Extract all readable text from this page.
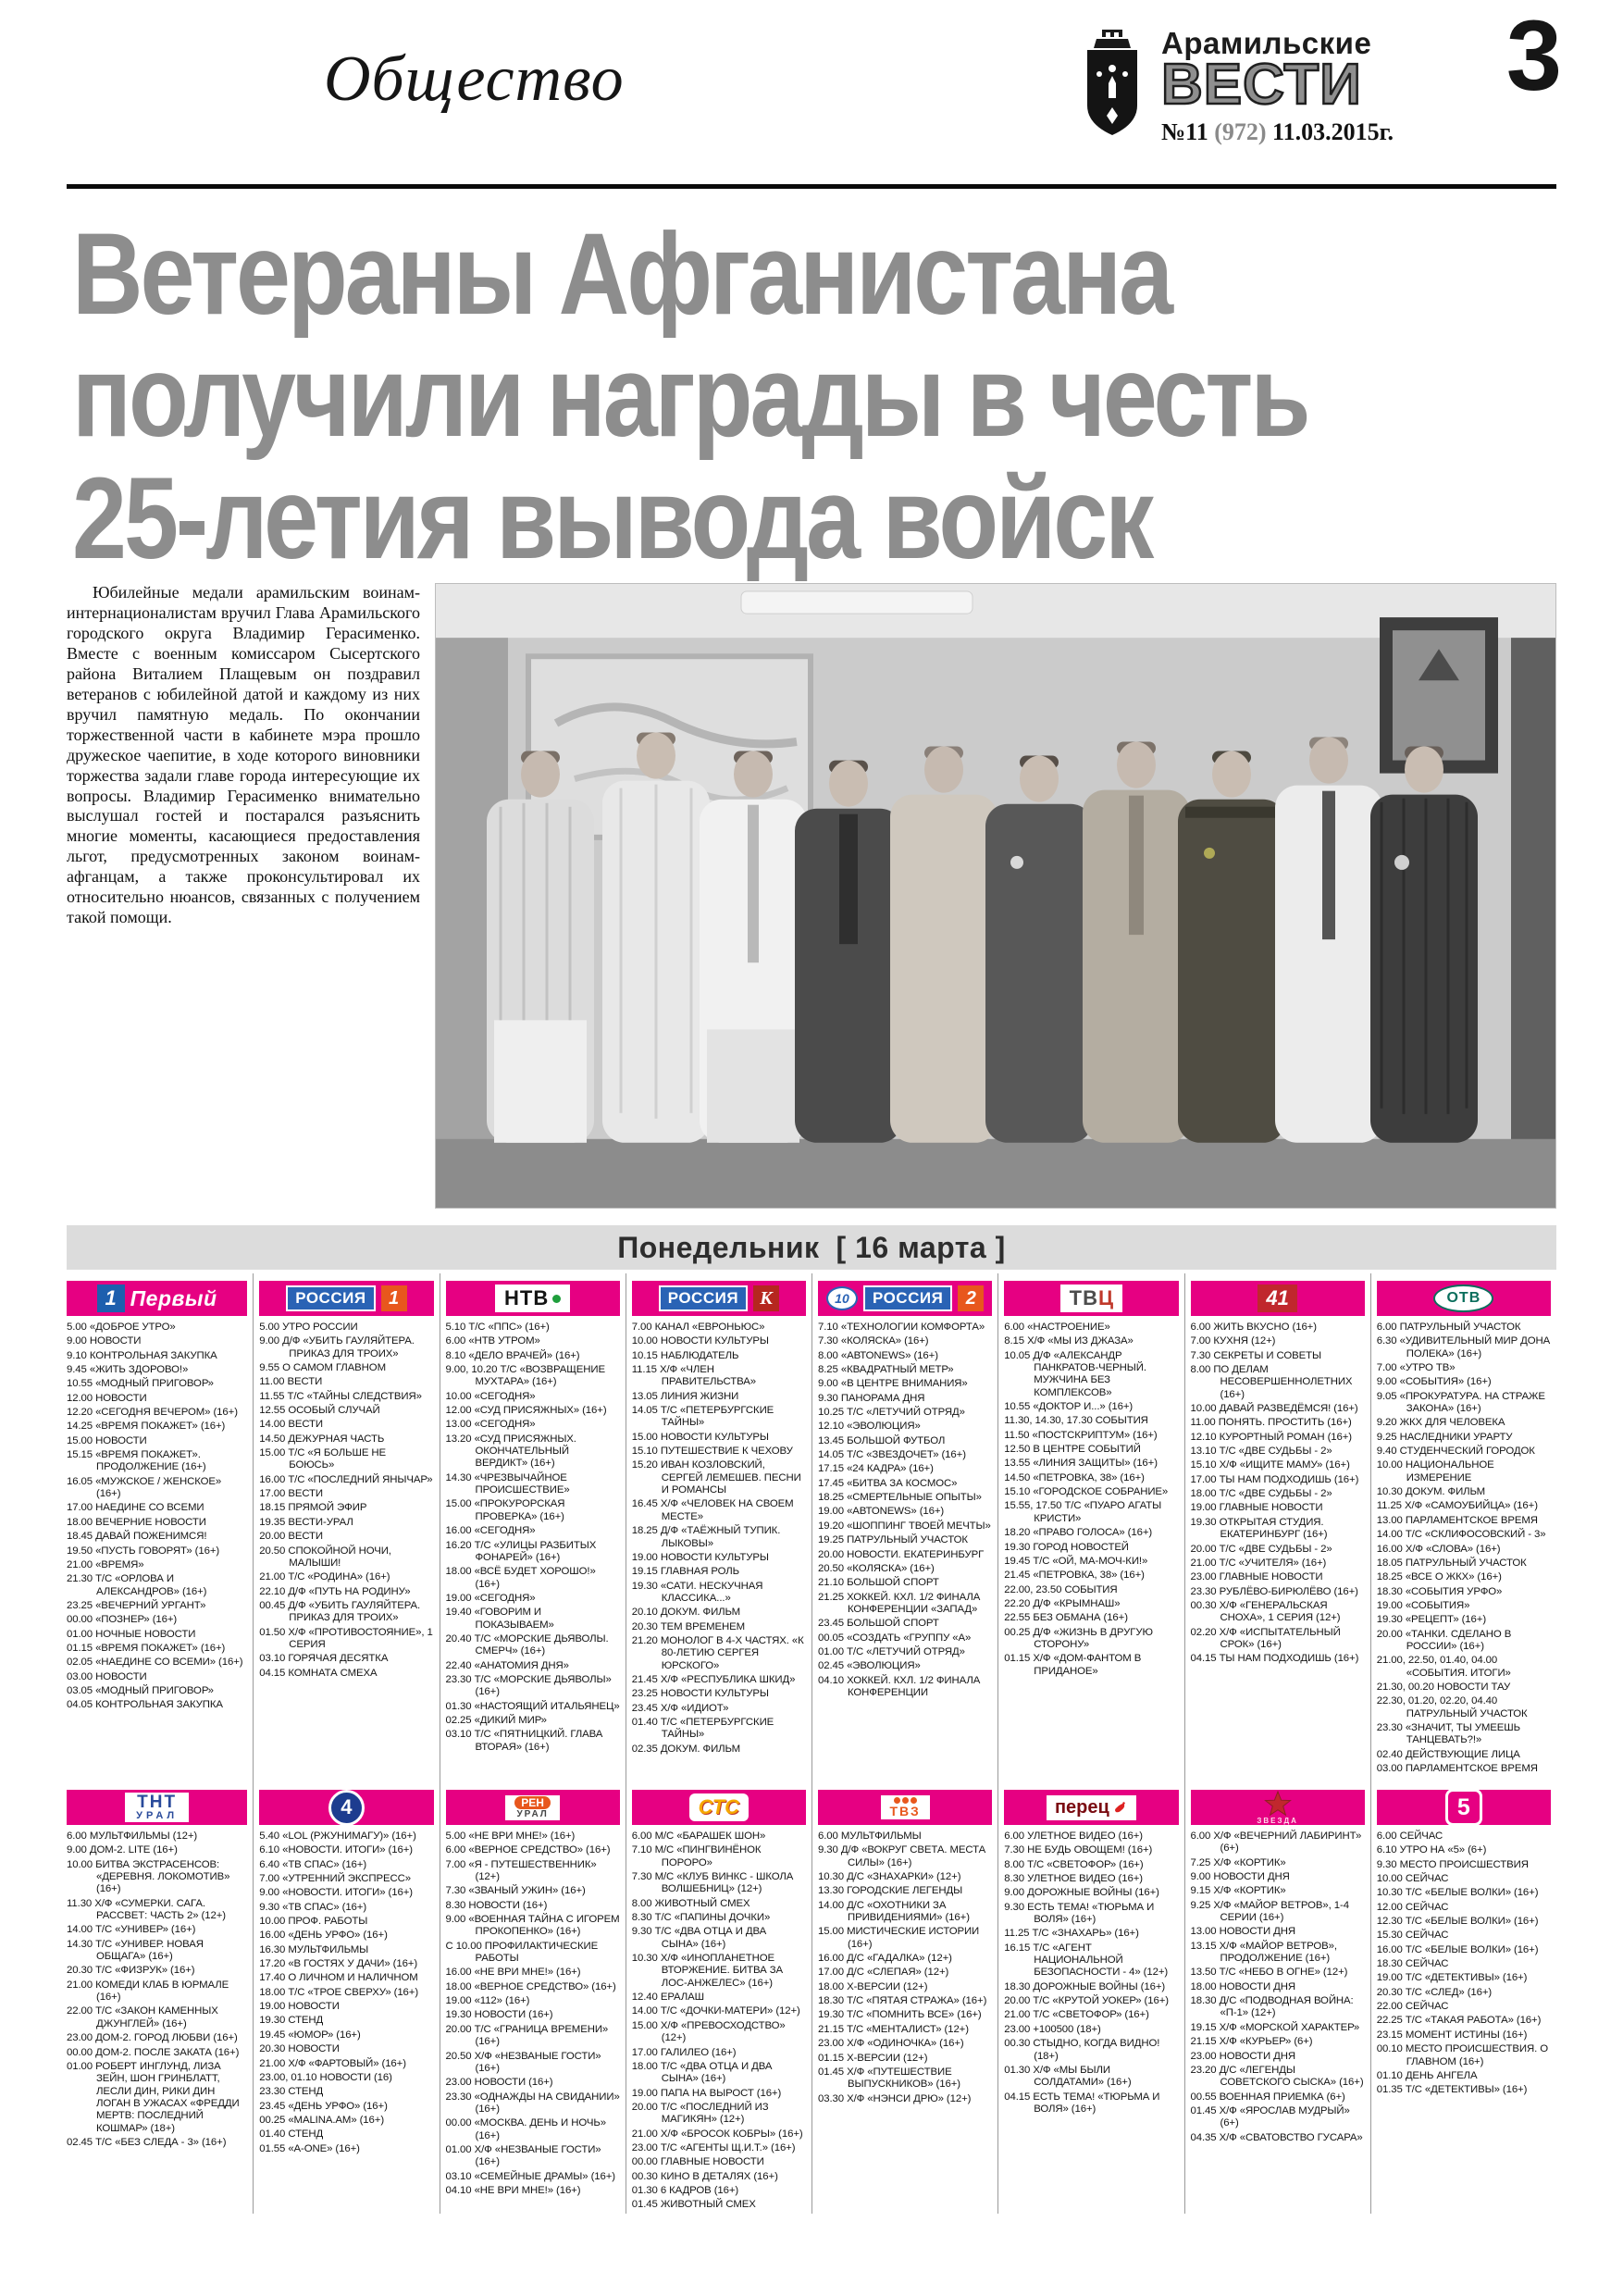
Общество
Арамильские
ВЕСТИ
№11 (972) 11.03.2015г.
3
Ветераны Афганистана
получили награды в честь
25-летия вывода войск
Юбилейные медали арамильским воинам-интернационалистам вручил Глава Арамильского городского округа Владимир Герасименко. Вместе с военным комиссаром Сысертского района Виталием Плащевым он поздравил ветеранов с юбилейной датой и каждому из них вручил памятную медаль. По окончании торжественной части в кабинете мэра прошло дружеское чаепитие, в ходе которого виновники торжества задали главе города интересующие их вопросы. Владимир Герасименко внимательно выслушал гостей и постарался разъяснить многие моменты, касающиеся предоставления льгот, предусмотренных законом воинам-афганцам, а также проконсультировал их относительно нюансов, связанных с получением такой помощи.
Понедельник [ 16 марта ]
1 Первый
5.00 «ДОБРОЕ УТРО»
9.00 НОВОСТИ
9.10 КОНТРОЛЬНАЯ ЗАКУПКА
9.45 «ЖИТЬ ЗДОРОВО!»
10.55 «МОДНЫЙ ПРИГОВОР»
12.00 НОВОСТИ
12.20 «СЕГОДНЯ ВЕЧЕРОМ» (16+)
14.25 «ВРЕМЯ ПОКАЖЕТ» (16+)
15.00 НОВОСТИ
15.15 «ВРЕМЯ ПОКАЖЕТ». ПРОДОЛЖЕНИЕ (16+)
16.05 «МУЖСКОЕ / ЖЕНСКОЕ» (16+)
17.00 НАЕДИНЕ СО ВСЕМИ
18.00 ВЕЧЕРНИЕ НОВОСТИ
18.45 ДАВАЙ ПОЖЕНИМСЯ!
19.50 «ПУСТЬ ГОВОРЯТ» (16+)
21.00 «ВРЕМЯ»
21.30 Т/С «ОРЛОВА И АЛЕКСАНДРОВ» (16+)
23.25 «ВЕЧЕРНИЙ УРГАНТ»
00.00 «ПОЗНЕР» (16+)
01.00 НОЧНЫЕ НОВОСТИ
01.15 «ВРЕМЯ ПОКАЖЕТ» (16+)
02.05 «НАЕДИНЕ СО ВСЕМИ» (16+)
03.00 НОВОСТИ
03.05 «МОДНЫЙ ПРИГОВОР»
04.05 КОНТРОЛЬНАЯ ЗАКУПКА
ТНТ
УРАЛ
6.00 МУЛЬТФИЛЬМЫ (12+)
9.00 ДОМ-2. LITE (16+)
10.00 БИТВА ЭКСТРАСЕНСОВ: «ДЕРЕВНЯ. ЛОКОМОТИВ» (16+)
11.30 Х/Ф «СУМЕРКИ. САГА. РАССВЕТ: ЧАСТЬ 2» (12+)
14.00 Т/С «УНИВЕР» (16+)
14.30 Т/С «УНИВЕР. НОВАЯ ОБЩАГА» (16+)
20.30 Т/С «ФИЗРУК» (16+)
21.00 КОМЕДИ КЛАБ В ЮРМАЛЕ (16+)
22.00 Т/С «ЗАКОН КАМЕННЫХ ДЖУНГЛЕЙ» (16+)
23.00 ДОМ-2. ГОРОД ЛЮБВИ (16+)
00.00 ДОМ-2. ПОСЛЕ ЗАКАТА (16+)
01.00 РОБЕРТ ИНГЛУНД, ЛИЗА ЗЕЙН, ШОН ГРИНБЛАТТ, ЛЕСЛИ ДИН, РИКИ ДИН ЛОГАН В УЖАСАХ «ФРЕДДИ МЕРТВ: ПОСЛЕДНИЙ КОШМАР» (18+)
02.45 Т/С «БЕЗ СЛЕДА - 3» (16+)
РОССИЯ	1
5.00 УТРО РОССИИ
9.00 Д/Ф «УБИТЬ ГАУЛЯЙТЕРА. ПРИКАЗ ДЛЯ ТРОИХ»
9.55 О САМОМ ГЛАВНОМ
11.00 ВЕСТИ
11.55 Т/С «ТАЙНЫ СЛЕДСТВИЯ»
12.55 ОСОБЫЙ СЛУЧАЙ
14.00 ВЕСТИ
14.50 ДЕЖУРНАЯ ЧАСТЬ
15.00 Т/С «Я БОЛЬШЕ НЕ БОЮСЬ»
16.00 Т/С «ПОСЛЕДНИЙ ЯНЫЧАР»
17.00 ВЕСТИ
18.15 ПРЯМОЙ ЭФИР
19.35 ВЕСТИ-УРАЛ
20.00 ВЕСТИ
20.50 СПОКОЙНОЙ НОЧИ, МАЛЫШИ!
21.00 Т/С «РОДИНА» (16+)
22.10 Д/Ф «ПУТЬ НА РОДИНУ»
00.45 Д/Ф «УБИТЬ ГАУЛЯЙТЕРА. ПРИКАЗ ДЛЯ ТРОИХ»
01.50 Х/Ф «ПРОТИВОСТОЯНИЕ», 1 СЕРИЯ
03.10 ГОРЯЧАЯ ДЕСЯТКА
04.15 КОМНАТА СМЕХА
4
5.40 «LOL (РЖУНИМАГУ)» (16+)
6.10 «НОВОСТИ. ИТОГИ» (16+)
6.40 «ТВ СПАС» (16+)
7.00 «УТРЕННИЙ ЭКСПРЕСС»
9.00 «НОВОСТИ. ИТОГИ» (16+)
9.30 «ТВ СПАС» (16+)
10.00 ПРОФ. РАБОТЫ
16.00 «ДЕНЬ УРФО» (16+)
16.30 МУЛЬТФИЛЬМЫ
17.20 «В ГОСТЯХ У ДАЧИ» (16+)
17.40 О ЛИЧНОМ И НАЛИЧНОМ
18.00 Т/С «ТРОЕ СВЕРХУ» (16+)
19.00 НОВОСТИ
19.30 СТЕНД
19.45 «ЮМОР» (16+)
20.30 НОВОСТИ
21.00 Х/Ф «ФАРТОВЫЙ» (16+)
23.00, 01.10 НОВОСТИ (16)
23.30 СТЕНД
23.45 «ДЕНЬ УРФО» (16+)
00.25 «MALINA.AM» (16+)
01.40 СТЕНД
01.55 «А-ONE» (16+)
НТВ
5.10 Т/С «ППС» (16+)
6.00 «НТВ УТРОМ»
8.10 «ДЕЛО ВРАЧЕЙ» (16+)
9.00, 10.20 Т/С «ВОЗВРАЩЕНИЕ МУХТАРА» (16+)
10.00 «СЕГОДНЯ»
12.00 «СУД ПРИСЯЖНЫХ» (16+)
13.00 «СЕГОДНЯ»
13.20 «СУД ПРИСЯЖНЫХ. ОКОНЧАТЕЛЬНЫЙ ВЕРДИКТ» (16+)
14.30 «ЧРЕЗВЫЧАЙНОЕ ПРОИСШЕСТВИЕ»
15.00 «ПРОКУРОРСКАЯ ПРОВЕРКА» (16+)
16.00 «СЕГОДНЯ»
16.20 Т/С «УЛИЦЫ РАЗБИТЫХ ФОНАРЕЙ» (16+)
18.00 «ВСЁ БУДЕТ ХОРОШО!» (16+)
19.00 «СЕГОДНЯ»
19.40 «ГОВОРИМ И ПОКАЗЫВАЕМ»
20.40 Т/С «МОРСКИЕ ДЬЯВОЛЫ. СМЕРЧ» (16+)
22.40 «АНАТОМИЯ ДНЯ»
23.30 Т/С «МОРСКИЕ ДЬЯВОЛЫ» (16+)
01.30 «НАСТОЯЩИЙ ИТАЛЬЯНЕЦ»
02.25 «ДИКИЙ МИР»
03.10 Т/С «ПЯТНИЦКИЙ. ГЛАВА ВТОРАЯ» (16+)
РЕН
УРАЛ
5.00 «НЕ ВРИ МНЕ!» (16+)
6.00 «ВЕРНОЕ СРЕДСТВО» (16+)
7.00 «Я - ПУТЕШЕСТВЕННИК» (12+)
7.30 «ЗВАНЫЙ УЖИН» (16+)
8.30 НОВОСТИ (16+)
9.00 «ВОЕННАЯ ТАЙНА С ИГОРЕМ ПРОКОПЕНКО» (16+)
С 10.00 ПРОФИЛАКТИЧЕСКИЕ РАБОТЫ
16.00 «НЕ ВРИ МНЕ!» (16+)
18.00 «ВЕРНОЕ СРЕДСТВО» (16+)
19.00 «112» (16+)
19.30 НОВОСТИ (16+)
20.00 Т/С «ГРАНИЦА ВРЕМЕНИ» (16+)
20.50 Х/Ф «НЕЗВАНЫЕ ГОСТИ» (16+)
23.00 НОВОСТИ (16+)
23.30 «ОДНАЖДЫ НА СВИДАНИИ» (16+)
00.00 «МОСКВА. ДЕНЬ И НОЧЬ» (16+)
01.00 Х/Ф «НЕЗВАНЫЕ ГОСТИ» (16+)
03.10 «СЕМЕЙНЫЕ ДРАМЫ» (16+)
04.10 «НЕ ВРИ МНЕ!» (16+)
РОССИЯ	К
7.00 КАНАЛ «ЕВРОНЬЮС»
10.00 НОВОСТИ КУЛЬТУРЫ
10.15 НАБЛЮДАТЕЛЬ
11.15 Х/Ф «ЧЛЕН ПРАВИТЕЛЬСТВА»
13.05 ЛИНИЯ ЖИЗНИ
14.05 Т/С «ПЕТЕРБУРГСКИЕ ТАЙНЫ»
15.00 НОВОСТИ КУЛЬТУРЫ
15.10 ПУТЕШЕСТВИЕ К ЧЕХОВУ
15.20 ИВАН КОЗЛОВСКИЙ, СЕРГЕЙ ЛЕМЕШЕВ. ПЕСНИ И РОМАНСЫ
16.45 Х/Ф «ЧЕЛОВЕК НА СВОЕМ МЕСТЕ»
18.25 Д/Ф «ТАЁЖНЫЙ ТУПИК. ЛЫКОВЫ»
19.00 НОВОСТИ КУЛЬТУРЫ
19.15 ГЛАВНАЯ РОЛЬ
19.30 «САТИ. НЕСКУЧНАЯ КЛАССИКА...»
20.10 ДОКУМ. ФИЛЬМ
20.30 ТЕМ ВРЕМЕНЕМ
21.20 МОНОЛОГ В 4-Х ЧАСТЯХ. «К 80-ЛЕТИЮ СЕРГЕЯ ЮРСКОГО»
21.45 Х/Ф «РЕСПУБЛИКА ШКИД»
23.25 НОВОСТИ КУЛЬТУРЫ
23.45 Х/Ф «ИДИОТ»
01.40 Т/С «ПЕТЕРБУРГСКИЕ ТАЙНЫ»
02.35 ДОКУМ. ФИЛЬМ
СТС
6.00 М/С «БАРАШЕК ШОН»
7.10 М/С «ПИНГВИНЁНОК ПОРОРО»
7.30 М/С «КЛУБ ВИНКС - ШКОЛА ВОЛШЕБНИЦ» (12+)
8.00 ЖИВОТНЫЙ СМЕХ
8.30 Т/С «ПАПИНЫ ДОЧКИ»
9.30 Т/С «ДВА ОТЦА И ДВА СЫНА» (16+)
10.30 Х/Ф «ИНОПЛАНЕТНОЕ ВТОРЖЕНИЕ. БИТВА ЗА ЛОС-АНЖЕЛЕС» (16+)
12.40 ЕРАЛАШ
14.00 Т/С «ДОЧКИ-МАТЕРИ» (12+)
15.00 Х/Ф «ПРЕВОСХОДСТВО» (12+)
17.00 ГАЛИЛЕО (16+)
18.00 Т/С «ДВА ОТЦА И ДВА СЫНА» (16+)
19.00 ПАПА НА ВЫРОСТ (16+)
20.00 Т/С «ПОСЛЕДНИЙ ИЗ МАГИКЯН» (12+)
21.00 Х/Ф «БРОСОК КОБРЫ» (16+)
23.00 Т/С «АГЕНТЫ Щ.И.Т.» (16+)
00.00 ГЛАВНЫЕ НОВОСТИ
00.30 КИНО В ДЕТАЛЯХ (16+)
01.30 6 КАДРОВ (16+)
01.45 ЖИВОТНЫЙ СМЕХ
10	РОССИЯ	2
7.10 «ТЕХНОЛОГИИ КОМФОРТА»
7.30 «КОЛЯСКА» (16+)
8.00 «АВТОNEWS» (16+)
8.25 «КВАДРАТНЫЙ МЕТР»
9.00 «В ЦЕНТРЕ ВНИМАНИЯ»
9.30 ПАНОРАМА ДНЯ
10.25 Т/С «ЛЕТУЧИЙ ОТРЯД»
12.10 «ЭВОЛЮЦИЯ»
13.45 БОЛЬШОЙ ФУТБОЛ
14.05 Т/С «ЗВЕЗДОЧЕТ» (16+)
17.15 «24 КАДРА» (16+)
17.45 «БИТВА ЗА КОСМОС»
18.25 «СМЕРТЕЛЬНЫЕ ОПЫТЫ»
19.00 «АВТОNEWS» (16+)
19.20 «ШОППИНГ ТВОЕЙ МЕЧТЫ»
19.25 ПАТРУЛЬНЫЙ УЧАСТОК
20.00 НОВОСТИ. ЕКАТЕРИНБУРГ
20.50 «КОЛЯСКА» (16+)
21.10 БОЛЬШОЙ СПОРТ
21.25 ХОККЕЙ. КХЛ. 1/2 ФИНАЛА КОНФЕРЕНЦИИ «ЗАПАД»
23.45 БОЛЬШОЙ СПОРТ
00.05 «СОЗДАТЬ «ГРУППУ «А»
01.00 Т/С «ЛЕТУЧИЙ ОТРЯД»
02.45 «ЭВОЛЮЦИЯ»
04.10 ХОККЕЙ. КХЛ. 1/2 ФИНАЛА КОНФЕРЕНЦИИ
ТВЗ
6.00 МУЛЬТФИЛЬМЫ
9.30 Д/Ф «ВОКРУГ СВЕТА. МЕСТА СИЛЫ» (16+)
10.30 Д/С «ЗНАХАРКИ» (12+)
13.30 ГОРОДСКИЕ ЛЕГЕНДЫ
14.00 Д/С «ОХОТНИКИ ЗА ПРИВИДЕНИЯМИ» (16+)
15.00 МИСТИЧЕСКИЕ ИСТОРИИ (16+)
16.00 Д/С «ГАДАЛКА» (12+)
17.00 Д/С «СЛЕПАЯ» (12+)
18.00 Х-ВЕРСИИ (12+)
18.30 Т/С «ПЯТАЯ СТРАЖА» (16+)
19.30 Т/С «ПОМНИТЬ ВСЕ» (16+)
21.15 Т/С «МЕНТАЛИСТ» (12+)
23.00 Х/Ф «ОДИНОЧКА» (16+)
01.15 Х-ВЕРСИИ (12+)
01.45 Х/Ф «ПУТЕШЕСТВИЕ ВЫПУСКНИКОВ» (16+)
03.30 Х/Ф «НЭНСИ ДРЮ» (12+)
ТВ Ц
6.00 «НАСТРОЕНИЕ»
8.15 Х/Ф «МЫ ИЗ ДЖАЗА»
10.05 Д/Ф «АЛЕКСАНДР ПАНКРАТОВ-ЧЕРНЫЙ. МУЖЧИНА БЕЗ КОМПЛЕКСОВ»
10.55 «ДОКТОР И...» (16+)
11.30, 14.30, 17.30 СОБЫТИЯ
11.50 «ПОСТСКРИПТУМ» (16+)
12.50 В ЦЕНТРЕ СОБЫТИЙ
13.55 «ЛИНИЯ ЗАЩИТЫ» (16+)
14.50 «ПЕТРОВКА, 38» (16+)
15.10 «ГОРОДСКОЕ СОБРАНИЕ»
15.55, 17.50 Т/С «ПУАРО АГАТЫ КРИСТИ»
18.20 «ПРАВО ГОЛОСА» (16+)
19.30 ГОРОД НОВОСТЕЙ
19.45 Т/С «ОЙ, МА-МОЧ-КИ!»
21.45 «ПЕТРОВКА, 38» (16+)
22.00, 23.50 СОБЫТИЯ
22.20 Д/Ф «КРЫМНАШ»
22.55 БЕЗ ОБМАНА (16+)
00.25 Д/Ф «ЖИЗНЬ В ДРУГУЮ СТОРОНУ»
01.15 Х/Ф «ДОМ-ФАНТОМ В ПРИДАНОЕ»
перец
6.00 УЛЕТНОЕ ВИДЕО (16+)
7.30 НЕ БУДЬ ОВОЩЕМ! (16+)
8.00 Т/С «СВЕТОФОР» (16+)
8.30 УЛЕТНОЕ ВИДЕО (16+)
9.00 ДОРОЖНЫЕ ВОЙНЫ (16+)
9.30 ЕСТЬ ТЕМА! «ТЮРЬМА И ВОЛЯ» (16+)
11.25 Т/С «ЗНАХАРЬ» (16+)
16.15 Т/С «АГЕНТ НАЦИОНАЛЬНОЙ БЕЗОПАСНОСТИ - 4» (12+)
18.30 ДОРОЖНЫЕ ВОЙНЫ (16+)
20.00 Т/С «КРУТОЙ УОКЕР» (16+)
21.00 Т/С «СВЕТОФОР» (16+)
23.00 +100500 (18+)
00.30 СТЫДНО, КОГДА ВИДНО! (18+)
01.30 Х/Ф «МЫ БЫЛИ СОЛДАТАМИ» (16+)
04.15 ЕСТЬ ТЕМА! «ТЮРЬМА И ВОЛЯ» (16+)
41
6.00 ЖИТЬ ВКУСНО (16+)
7.00 КУХНЯ (12+)
7.30 СЕКРЕТЫ И СОВЕТЫ
8.00 ПО ДЕЛАМ НЕСОВЕРШЕННОЛЕТНИХ (16+)
10.00 ДАВАЙ РАЗВЕДЁМСЯ! (16+)
11.00 ПОНЯТЬ. ПРОСТИТЬ (16+)
12.10 КУРОРТНЫЙ РОМАН (16+)
13.10 Т/С «ДВЕ СУДЬБЫ - 2»
15.10 Х/Ф «ИЩИТЕ МАМУ» (16+)
17.00 ТЫ НАМ ПОДХОДИШЬ (16+)
18.00 Т/С «ДВЕ СУДЬБЫ - 2»
19.00 ГЛАВНЫЕ НОВОСТИ
19.30 ОТКРЫТАЯ СТУДИЯ. ЕКАТЕРИНБУРГ (16+)
20.00 Т/С «ДВЕ СУДЬБЫ - 2»
21.00 Т/С «УЧИТЕЛЯ» (16+)
23.00 ГЛАВНЫЕ НОВОСТИ
23.30 РУБЛЁВО-БИРЮЛЁВО (16+)
00.30 Х/Ф «ГЕНЕРАЛЬСКАЯ СНОХА», 1 СЕРИЯ (12+)
02.20 Х/Ф «ИСПЫТАТЕЛЬНЫЙ СРОК» (16+)
04.15 ТЫ НАМ ПОДХОДИШЬ (16+)
ЗВЕЗДА
6.00 Х/Ф «ВЕЧЕРНИЙ ЛАБИРИНТ» (6+)
7.25 Х/Ф «КОРТИК»
9.00 НОВОСТИ ДНЯ
9.15 Х/Ф «КОРТИК»
9.25 Х/Ф «МАЙОР ВЕТРОВ», 1-4 СЕРИИ (16+)
13.00 НОВОСТИ ДНЯ
13.15 Х/Ф «МАЙОР ВЕТРОВ», ПРОДОЛЖЕНИЕ (16+)
13.50 Т/С «НЕБО В ОГНЕ» (12+)
18.00 НОВОСТИ ДНЯ
18.30 Д/С «ПОДВОДНАЯ ВОЙНА: «П-1» (12+)
19.15 Х/Ф «МОРСКОЙ ХАРАКТЕР»
21.15 Х/Ф «КУРЬЕР» (6+)
23.00 НОВОСТИ ДНЯ
23.20 Д/С «ЛЕГЕНДЫ СОВЕТСКОГО СЫСКА» (16+)
00.55 ВОЕННАЯ ПРИЕМКА (6+)
01.45 Х/Ф «ЯРОСЛАВ МУДРЫЙ» (6+)
04.35 Х/Ф «СВАТОВСТВО ГУСАРА»
ОТВ
6.00 ПАТРУЛЬНЫЙ УЧАСТОК
6.30 «УДИВИТЕЛЬНЫЙ МИР ДОНА ПОЛЕКА» (16+)
7.00 «УТРО ТВ»
9.00 «СОБЫТИЯ» (16+)
9.05 «ПРОКУРАТУРА. НА СТРАЖЕ ЗАКОНА» (16+)
9.20 ЖКХ ДЛЯ ЧЕЛОВЕКА
9.25 НАСЛЕДНИКИ УРАРТУ
9.40 СТУДЕНЧЕСКИЙ ГОРОДОК
10.00 НАЦИОНАЛЬНОЕ ИЗМЕРЕНИЕ
10.30 ДОКУМ. ФИЛЬМ
11.25 Х/Ф «САМОУБИЙЦА» (16+)
13.00 ПАРЛАМЕНТСКОЕ ВРЕМЯ
14.00 Т/С «СКЛИФОСОВСКИЙ - 3»
16.00 Х/Ф «СЛОВА» (16+)
18.05 ПАТРУЛЬНЫЙ УЧАСТОК
18.25 «ВСЕ О ЖКХ» (16+)
18.30 «СОБЫТИЯ УРФО»
19.00 «СОБЫТИЯ»
19.30 «РЕЦЕПТ» (16+)
20.00 «ТАНКИ. СДЕЛАНО В РОССИИ» (16+)
21.00, 22.50, 01.40, 04.00 «СОБЫТИЯ. ИТОГИ»
21.30, 00.20 НОВОСТИ ТАУ
22.30, 01.20, 02.20, 04.40 ПАТРУЛЬНЫЙ УЧАСТОК
23.30 «ЗНАЧИТ, ТЫ УМЕЕШЬ ТАНЦЕВАТЬ?!»
02.40 ДЕЙСТВУЮЩИЕ ЛИЦА
03.00 ПАРЛАМЕНТСКОЕ ВРЕМЯ
5
6.00 СЕЙЧАС
6.10 УТРО НА «5» (6+)
9.30 МЕСТО ПРОИСШЕСТВИЯ
10.00 СЕЙЧАС
10.30 Т/С «БЕЛЫЕ ВОЛКИ» (16+)
12.00 СЕЙЧАС
12.30 Т/С «БЕЛЫЕ ВОЛКИ» (16+)
15.30 СЕЙЧАС
16.00 Т/С «БЕЛЫЕ ВОЛКИ» (16+)
18.30 СЕЙЧАС
19.00 Т/С «ДЕТЕКТИВЫ» (16+)
20.30 Т/С «СЛЕД» (16+)
22.00 СЕЙЧАС
22.25 Т/С «ТАКАЯ РАБОТА» (16+)
23.15 МОМЕНТ ИСТИНЫ (16+)
00.10 МЕСТО ПРОИСШЕСТВИЯ. О ГЛАВНОМ (16+)
01.10 ДЕНЬ АНГЕЛА
01.35 Т/С «ДЕТЕКТИВЫ» (16+)
